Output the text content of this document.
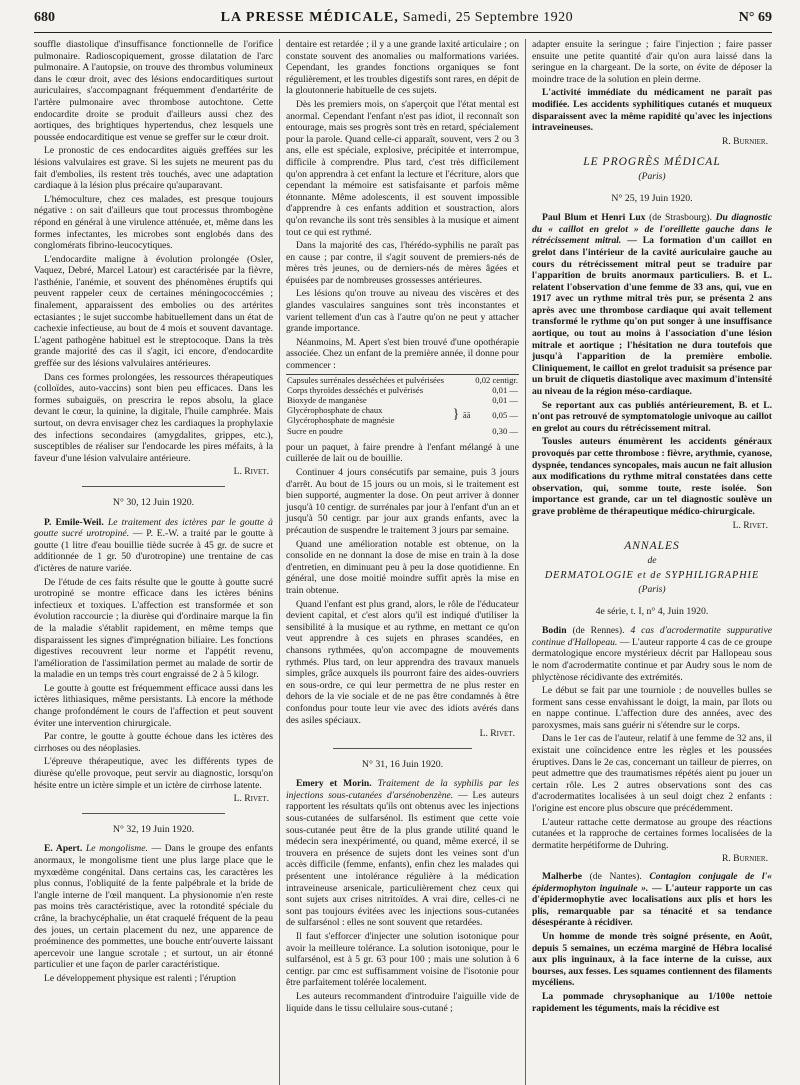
680	LA PRESSE MÉDICALE, Samedi, 25 Septembre 1920	N° 69

souffle diastolique d'insuffisance fonctionnelle de l'orifice pulmonaire. Radioscopiquement, grosse dilatation de l'arc pulmonaire. A l'autopsie, on trouve des thrombus volumineux dans le cœur droit, avec des lésions endocarditiques surtout auriculaires, s'accompagnant fréquemment d'endartérite de l'artère pulmonaire avec thrombose autochtone. Cette endocardite droite se produit d'ailleurs aussi chez des aortiques, des brightiques hypertendus, chez lesquels une poussée endocarditique est venue se greffer sur le cœur droit.

Le pronostic de ces endocardites aiguës greffées sur les lésions valvulaires est grave. Si les sujets ne meurent pas du fait d'embolies, ils restent très touchés, avec une adaptation cardiaque à la lésion plus précaire qu'auparavant.

L'hémoculture, chez ces malades, est presque toujours négative : on sait d'ailleurs que tout processus thrombogène répond en général à une virulence atténuée, et, même dans les formes infectantes, les microbes sont englobés dans des conglomérats fibrino-leucocytiques.

L'endocardite maligne à évolution prolongée (Osler, Vaquez, Debré, Marcel Latour) est caractérisée par la fièvre, l'asthénie, l'anémie, et souvent des phénomènes éruptifs qui peuvent rappeler ceux de certaines méningococcémies ; finalement, apparaissent des embolies ou des artérites ectasiantes ; le sujet succombe habituellement dans un état de cachexie infectieuse, au bout de 4 mois et souvent davantage. L'agent pathogène habituel est le streptocoque. Dans la très grande majorité des cas il s'agit, ici encore, d'endocardite greffée sur des lésions valvulaires antérieures.

Dans ces formes prolongées, les ressources thérapeutiques (colloïdes, auto-vaccins) sont bien peu efficaces. Dans les formes subaiguës, on prescrira le repos absolu, la glace devant le cœur, la quinine, la digitale, l'huile camphrée. Mais surtout, on devra envisager chez les cardiaques la prophylaxie des infections secondaires (amygdalites, grippes, etc.), susceptibles de réaliser sur l'endocarde les pires méfaits, à la faveur d'une lésion valvulaire antérieure.

L. Rivet.
N° 30, 12 Juin 1920.

P. Emile-Weil. Le traitement des ictères par le goutte à goutte sucré urotropiné. — P. E.-W. a traité par le goutte à goutte (1 litre d'eau bouillie tiède sucrée à 45 gr. de sucre et additionnée de 1 gr. 50 d'urotropine) une trentaine de cas d'ictères de nature variée.

De l'étude de ces faits résulte que le goutte à goutte sucré urotropiné se montre efficace dans les ictères bénins infectieux et toxiques. L'affection est transformée et son évolution raccourcie ; la diurèse qui d'ordinaire marque la fin de la maladie s'établit rapidement, en même temps que disparaissent les signes d'imprégnation biliaire. Les fonctions digestives recouvrent leur norme et l'appétit revenu, l'amélioration de l'assimilation permet au malade de sortir de la maladie en un temps très court engraissé de 2 à 5 kilogr.

Le goutte à goutte est fréquemment efficace aussi dans les ictères lithiasiques, même persistants. Là encore la méthode change profondément le cours de l'affection et peut souvent éviter une intervention chirurgicale.

Par contre, le goutte à goutte échoue dans les ictères des cirrhoses ou des néoplasies.

L'épreuve thérapeutique, avec les différents types de diurèse qu'elle provoque, peut servir au diagnostic, lorsqu'on hésite entre un ictère simple et un ictère de cirrhose latente.

L. Rivet.
N° 32, 19 Juin 1920.

E. Apert. Le mongolisme. — Dans le groupe des enfants anormaux, le mongolisme tient une plus large place que le myxœdème congénital. Dans certains cas, les caractères les plus connus, l'obliquité de la fente palpébrale et la bride de l'angle interne de l'œil manquent. La physionomie n'en reste pas moins très caractéristique, avec la rotondité spéciale du crâne, la brachycéphalie, un état craquelé fréquent de la peau des joues, un certain placement du nez, une apparence de proéminence des pommettes, une bouche entr'ouverte laissant apercevoir une langue scrotale ; et surtout, un air étonné particulier et une façon de parler caractéristique.

Le développement physique est ralenti ; l'éruption

dentaire est retardée ; il y a une grande laxité articulaire ; on constate souvent des anomalies ou malformations variées. Cependant, les grandes fonctions organiques se font régulièrement, et les troubles digestifs sont rares, en dépit de la gloutonnerie habituelle de ces sujets.

Dès les premiers mois, on s'aperçoit que l'état mental est anormal. Cependant l'enfant n'est pas idiot, il reconnaît son entourage, mais ses progrès sont très en retard, spécialement pour la parole. Quand celle-ci apparaît, souvent, vers 2 ou 3 ans, elle est spéciale, explosive, précipitée et interrompue, difficile à comprendre. Plus tard, c'est très difficilement qu'on apprendra à cet enfant la lecture et l'écriture, alors que cependant la mémoire est satisfaisante et parfois même étonnante. Même adolescents, il est souvent impossible d'apprendre à ces enfants addition et soustraction, alors qu'on revanche ils sont très sensibles à la musique et aiment tout ce qui est rythmé.

Dans la majorité des cas, l'hérédo-syphilis ne paraît pas en cause ; par contre, il s'agit souvent de premiers-nés de mères très jeunes, ou de derniers-nés de mères âgées et épuisées par de nombreuses grossesses antérieures.

Les lésions qu'on trouve au niveau des viscères et des glandes vasculaires sanguines sont très inconstantes et varient tellement d'un cas à l'autre qu'on ne peut y attacher grande importance.

Néanmoins, M. Apert s'est bien trouvé d'une opothérapie associée. Chez un enfant de la première année, il donne pour commencer :

Capsules surrénales desséchées et pulvérisées		0,02 centigr.
Corps thyroïdes desséchés et pulvérisés		0,01 —
Bioxyde de manganèse		0,01 —
Glycérophosphate de chaux	} āā	0,05 —
Glycérophosphate de magnésie		
Sucre en poudre		0,30 —

pour un paquet, à faire prendre à l'enfant mélangé à une cuillerée de lait ou de bouillie.

Continuer 4 jours consécutifs par semaine, puis 3 jours d'arrêt. Au bout de 15 jours ou un mois, si le traitement est bien supporté, augmenter la dose. On peut arriver à donner jusqu'à 10 centigr. de surrénales par jour à l'enfant d'un an et jusqu'à 50 centigr. par jour aux grands enfants, avec la précaution de suspendre le traitement 3 jours par semaine.

Quand une amélioration notable est obtenue, on la consolide en ne donnant la dose de mise en train à la dose d'entretien, en diminuant peu à peu la dose quotidienne. En général, une dose moitié moindre suffit après la mise en train obtenue.

Quand l'enfant est plus grand, alors, le rôle de l'éducateur devient capital, et c'est alors qu'il est indiqué d'utiliser la sensibilité à la musique et au rythme, en mettant ce qu'on veut apprendre à ces sujets en phrases scandées, en chansons rythmées, qu'on accompagne de mouvements rythmés. Plus tard, on leur apprendra des travaux manuels simples, grâce auxquels ils pourront faire des aides-ouvriers en sous-ordre, ce qui leur permettra de ne plus rester en dehors de la vie sociale et de ne pas être condamnés à être confondus pour toute leur vie avec des idiots avérés dans des asiles spéciaux.

L. Rivet.
N° 31, 16 Juin 1920.

Emery et Morin. Traitement de la syphilis par les injections sous-cutanées d'arsénobenzène. — Les auteurs rapportent les résultats qu'ils ont obtenus avec les injections sous-cutanées de sulfarsénol. Ils estiment que cette voie sous-cutanée peut être de la plus grande utilité quand le médecin sera inexpérimenté, ou quand, même exercé, il se trouvera en présence de sujets dont les veines sont d'un accès difficile (femme, enfants), enfin chez les malades qui présentent une intolérance régulière à la médication intraveineuse arsenicale, particulièrement chez ceux qui sont sujets aux crises nitritoïdes. A vrai dire, celles-ci ne sont pas toujours évitées avec les injections sous-cutanées de sulfarsénol : elles ne sont souvent que retardées.

Il faut s'efforcer d'injecter une solution isotonique pour avoir la meilleure tolérance. La solution isotonique, pour le sulfarsénol, est à 5 gr. 63 pour 100 ; mais une solution à 6 centigr. par cmc est suffisamment voisine de l'isotonie pour être parfaitement tolérée localement.

Les auteurs recommandent d'introduire l'aiguille vide de liquide dans le tissu cellulaire sous-cutané ;

adapter ensuite la seringue ; faire l'injection ; faire passer ensuite une petite quantité d'air qu'on aura laissé dans la seringue en la chargeant. De la sorte, on évite de déposer la moindre trace de la solution en plein derme.

L'activité immédiate du médicament ne paraît pas modifiée. Les accidents syphilitiques cutanés et muqueux disparaissent avec la même rapidité qu'avec les injections intraveineuses.

R. Burnier.
LE PROGRÈS MÉDICAL
(Paris)
N° 25, 19 Juin 1920.

Paul Blum et Henri Lux (de Strasbourg). Du diagnostic du « caillot en grelot » de l'oreillette gauche dans le rétrécissement mitral. — La formation d'un caillot en grelot dans l'intérieur de la cavité auriculaire gauche au cours du rétrécissement mitral peut se traduire par l'apparition de bruits anormaux particuliers. B. et L. relatent l'observation d'une femme de 33 ans, qui, vue en 1917 avec un rythme mitral très pur, se présenta 2 ans après avec une thrombose cardiaque qui avait tellement transformé le rythme qu'on put songer à une insuffisance aortique, ou tout au moins à l'association d'une lésion mitrale et aortique ; l'hésitation ne dura toutefois que jusqu'à l'apparition de la première embolie. Cliniquement, le caillot en grelot traduisit sa présence par un bruit de cliquetis diastolique avec maximum d'intensité au niveau de la région méso-cardiaque.

Se reportant aux cas publiés antérieurement, B. et L. n'ont pas retrouvé de symptomatologie univoque au caillot en grelot au cours du rétrécissement mitral.

Tousles auteurs énumèrent les accidents généraux provoqués par cette thrombose : fièvre, arythmie, cyanose, dyspnée, tendances syncopales, mais aucun ne fait allusion aux modifications du rythme mitral constatées dans cette observation, qui, somme toute, reste isolée. Son importance est grande, car un tel diagnostic soulève un grave problème de thérapeutique médico-chirurgicale.

L. Rivet.
ANNALES
de
DERMATOLOGIE et de SYPHILIGRAPHIE
(Paris)
4e série, t. I, n° 4, Juin 1920.

Bodin (de Rennes). 4 cas d'acrodermatite suppurative continue d'Hallopeau. — L'auteur rapporte 4 cas de ce groupe dermatologique encore mystérieux décrit par Hallopeau sous le nom d'acrodermatite continue et par Audry sous le nom de phlyctènose récidivante des extrémités.

Le début se fait par une tourniole ; de nouvelles bulles se forment sans cesse envahissant le doigt, la main, par îlots ou en nappe continue. L'affection dure des années, avec des paroxysmes, mais sans guérir ni s'étendre sur le corps.

Dans le 1er cas de l'auteur, relatif à une femme de 32 ans, il existait une coïncidence entre les règles et les poussées éruptives. Dans le 2e cas, concernant un tailleur de pierres, on peut admettre que des traumatismes répétés aient pu jouer un certain rôle. Les 2 autres observations sont des cas d'acrodermatites localisées à un seul doigt chez 2 enfants : l'origine est encore plus obscure que précédemment.

L'auteur rattache cette dermatose au groupe des réactions cutanées et la rapproche de certaines formes localisées de la dermatite herpétiforme de Duhring.

R. Burnier.

Malherbe (de Nantes). Contagion conjugale de l'« épidermophyton inguinale ». — L'auteur rapporte un cas d'épidermophytie avec localisations aux plis et hors les plis, remarquable par sa ténacité et sa tendance désespérante à récidiver.

Un homme de monde très soigné présente, en Août, depuis 5 semaines, un eczéma marginé de Hébra localisé aux plis inguinaux, à la face interne de la cuisse, aux bourses, aux fesses. Les squames contiennent des filaments mycéliens.

La pommade chrysophanique au 1/100e nettoie rapidement les téguments, mais la récidive est
